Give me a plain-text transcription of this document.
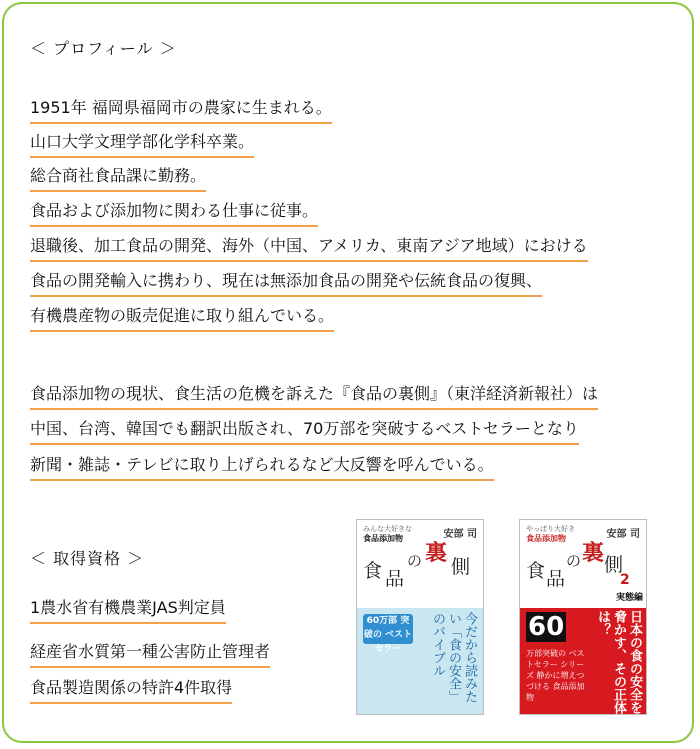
＜ プロフィール ＞
1951年 福岡県福岡市の農家に生まれる。
山口大学文理学部化学科卒業。
総合商社食品課に勤務。
食品および添加物に関わる仕事に従事。
退職後、加工食品の開発、海外（中国、アメリカ、東南アジア地域）における
食品の開発輸入に携わり、現在は無添加食品の開発や伝統食品の復興、
有機農産物の販売促進に取り組んでいる。
食品添加物の現状、食生活の危機を訴えた『食品の裏側』（東洋経済新報社）は
中国、台湾、韓国でも翻訳出版され、70万部を突破するベストセラーとなり
新聞・雑誌・テレビに取り上げられるなど大反響を呼んでいる。
＜ 取得資格 ＞
1農水省有機農業JAS判定員
経産省水質第一種公害防止管理者
食品製造関係の特許4件取得
みんな大好きな
食品添加物	安部 司
食 品
の 裏
側
60万部 突破の ベストセラー	今だから読みたい「食の安全」のバイブル
やっぱり大好き
食品添加物	安部 司
食 品
の 裏 側
2
実態編
60
万部突破の ベストセラー シリーズ 静かに増えつづける 食品添加物	日本の食の安全を脅かす、その正体は？
